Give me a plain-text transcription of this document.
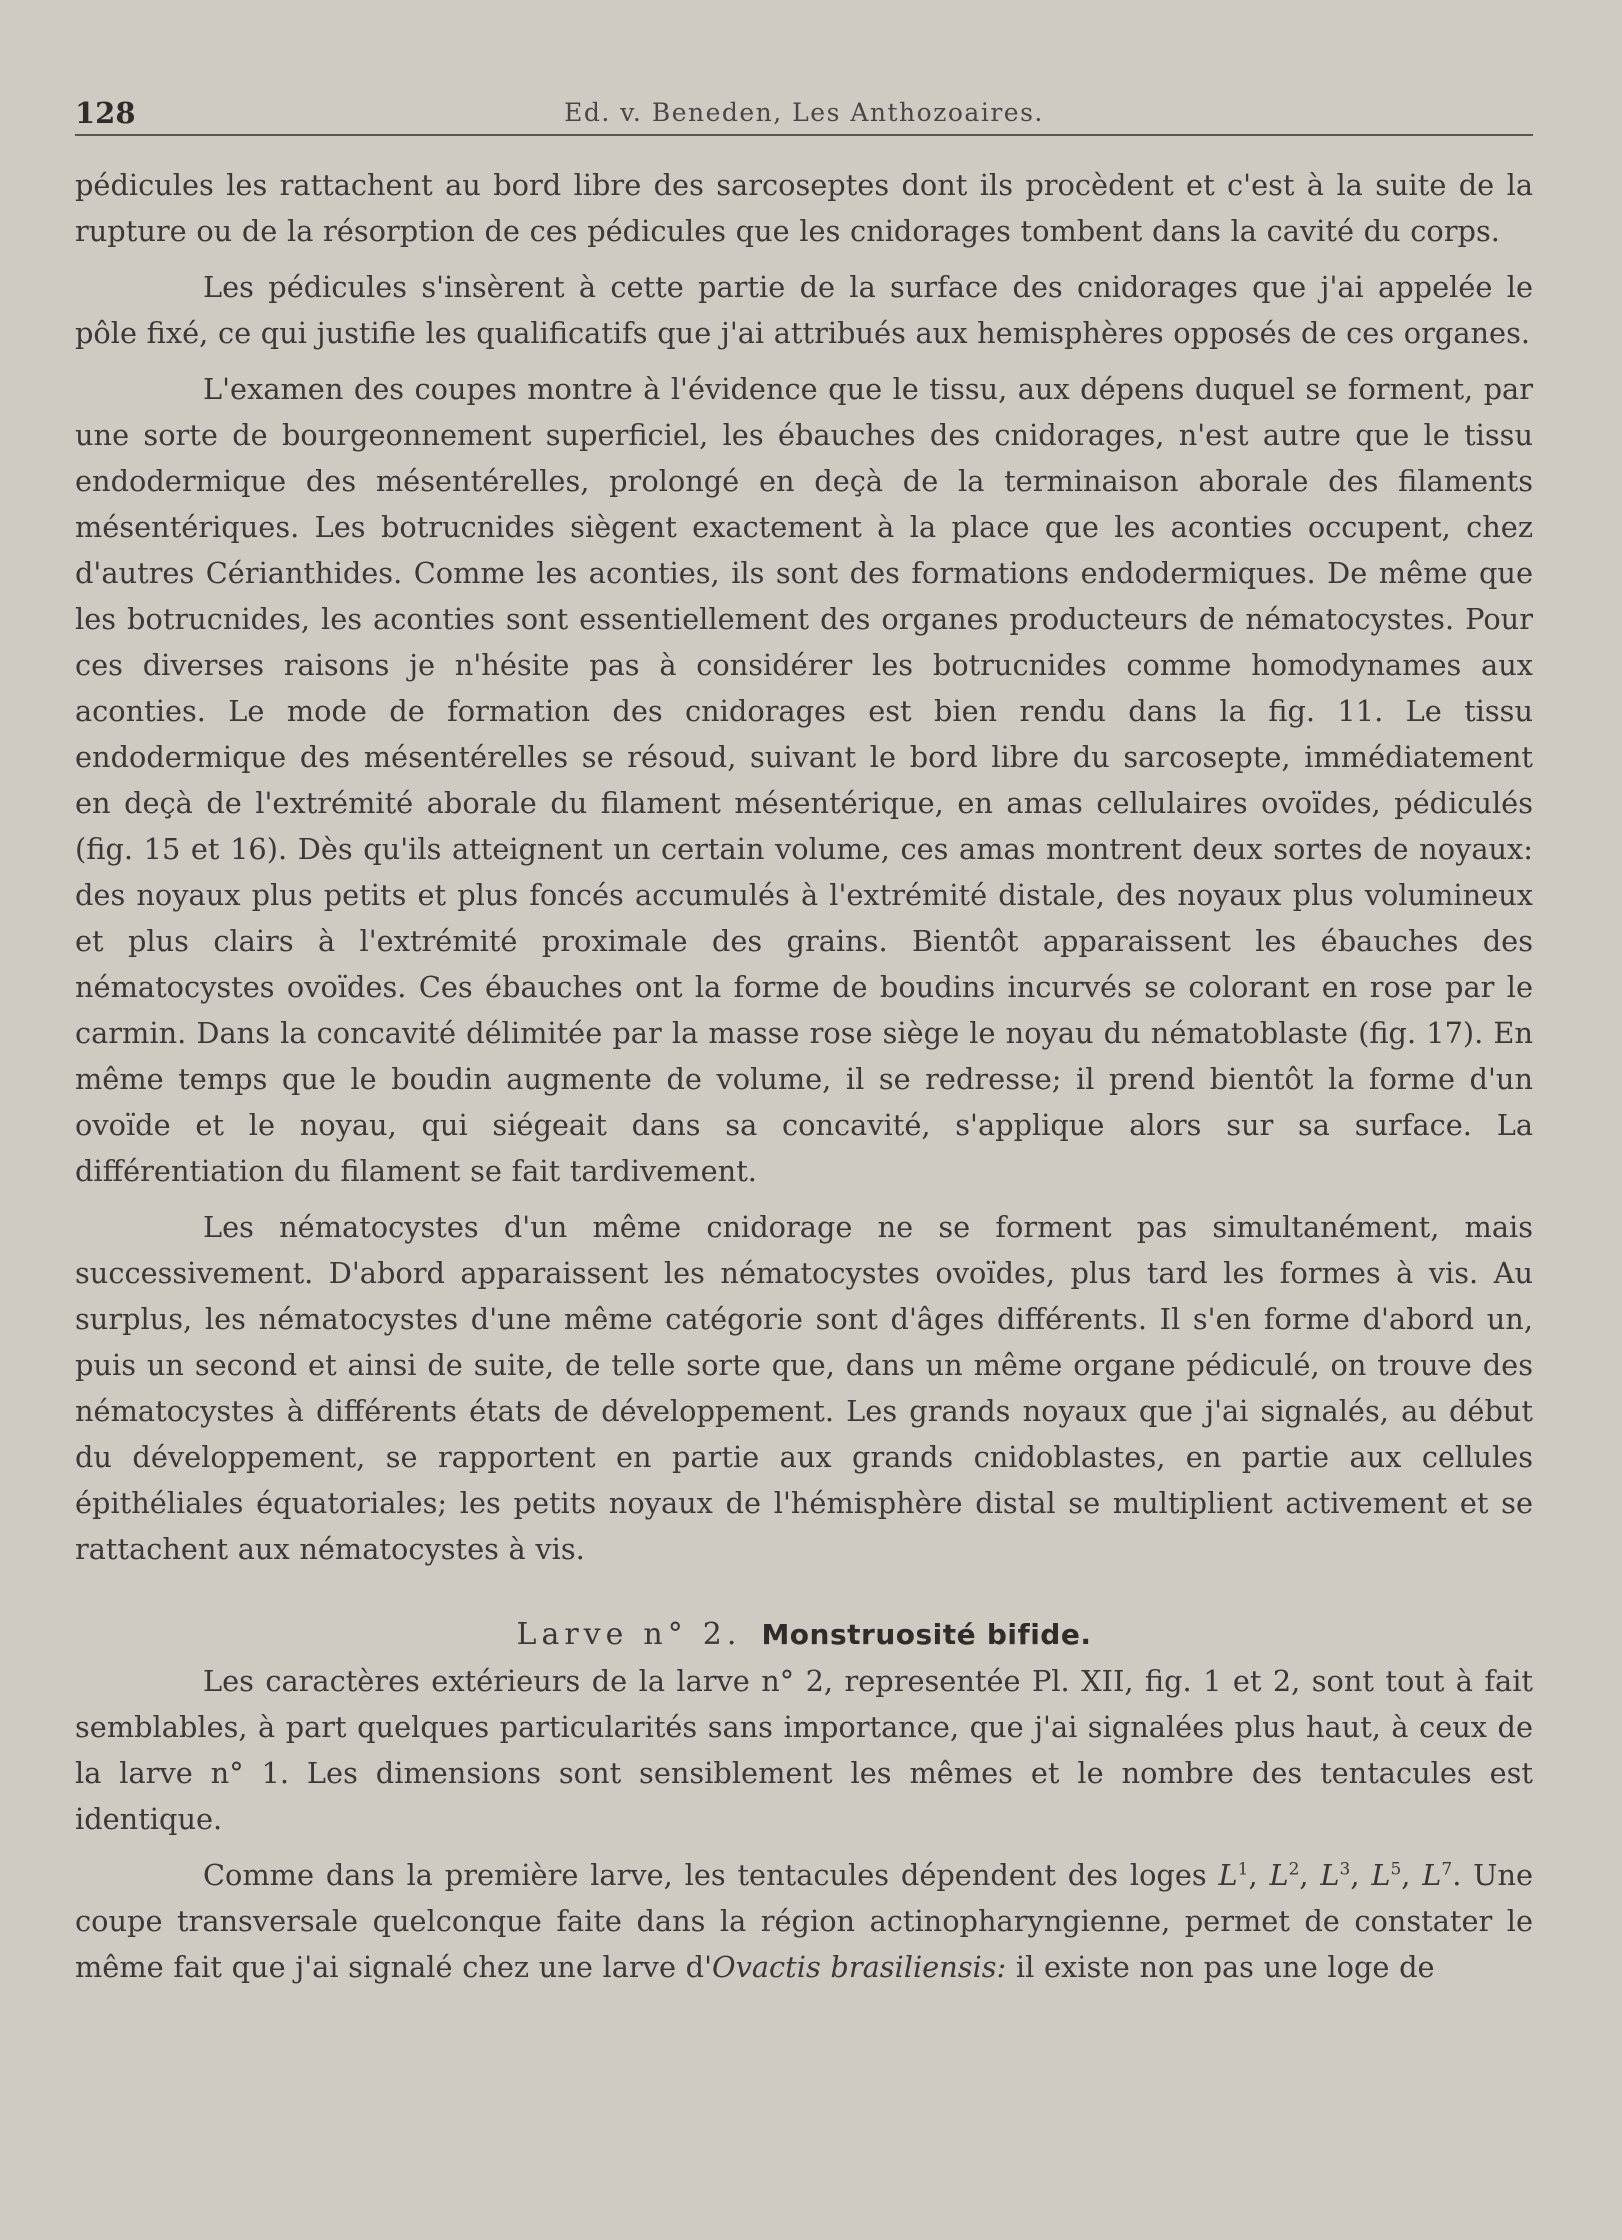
128	Ed. v. Beneden, Les Anthozoaires.

pédicules les rattachent au bord libre des sarcoseptes dont ils procèdent et c'est à la suite de la rupture ou de la résorption de ces pédicules que les cnidorages tombent dans la cavité du corps.

Les pédicules s'insèrent à cette partie de la surface des cnidorages que j'ai appelée le pôle fixé, ce qui justifie les qualificatifs que j'ai attribués aux hemisphères opposés de ces organes.

L'examen des coupes montre à l'évidence que le tissu, aux dépens duquel se forment, par une sorte de bourgeonnement superficiel, les ébauches des cnidorages, n'est autre que le tissu endodermique des mésentérelles, prolongé en deçà de la terminaison aborale des filaments mésentériques. Les botrucnides siègent exactement à la place que les aconties occupent, chez d'autres Cérianthides. Comme les aconties, ils sont des formations endodermiques. De même que les botrucnides, les aconties sont essentiellement des organes producteurs de nématocystes. Pour ces diverses raisons je n'hésite pas à considérer les botrucnides comme homodynames aux aconties. Le mode de formation des cnidorages est bien rendu dans la fig. 11. Le tissu endodermique des mésentérelles se résoud, suivant le bord libre du sarcosepte, immédiatement en deçà de l'extrémité aborale du filament mésentérique, en amas cellulaires ovoïdes, pédiculés (fig. 15 et 16). Dès qu'ils atteignent un certain volume, ces amas montrent deux sortes de noyaux: des noyaux plus petits et plus foncés accumulés à l'extrémité distale, des noyaux plus volumineux et plus clairs à l'extrémité proximale des grains. Bientôt apparaissent les ébauches des nématocystes ovoïdes. Ces ébauches ont la forme de boudins incurvés se colorant en rose par le carmin. Dans la concavité délimitée par la masse rose siège le noyau du nématoblaste (fig. 17). En même temps que le boudin augmente de volume, il se redresse; il prend bientôt la forme d'un ovoïde et le noyau, qui siégeait dans sa concavité, s'applique alors sur sa surface. La différentiation du filament se fait tardivement.

Les nématocystes d'un même cnidorage ne se forment pas simultanément, mais successivement. D'abord apparaissent les nématocystes ovoïdes, plus tard les formes à vis. Au surplus, les nématocystes d'une même catégorie sont d'âges différents. Il s'en forme d'abord un, puis un second et ainsi de suite, de telle sorte que, dans un même organe pédiculé, on trouve des nématocystes à différents états de développement. Les grands noyaux que j'ai signalés, au début du développement, se rapportent en partie aux grands cnidoblastes, en partie aux cellules épithéliales équatoriales; les petits noyaux de l'hémisphère distal se multiplient activement et se rattachent aux nématocystes à vis.

Larve n° 2. Monstruosité bifide.

Les caractères extérieurs de la larve n° 2, representée Pl. XII, fig. 1 et 2, sont tout à fait semblables, à part quelques particularités sans importance, que j'ai signalées plus haut, à ceux de la larve n° 1. Les dimensions sont sensiblement les mêmes et le nombre des tentacules est identique.

Comme dans la première larve, les tentacules dépendent des loges $L^1$, $L^2$, $L^3$, $L^5$, $L^7$. Une coupe transversale quelconque faite dans la région actinopharyngienne, permet de constater le même fait que j'ai signalé chez une larve d'Ovactis brasiliensis: il existe non pas une loge de
